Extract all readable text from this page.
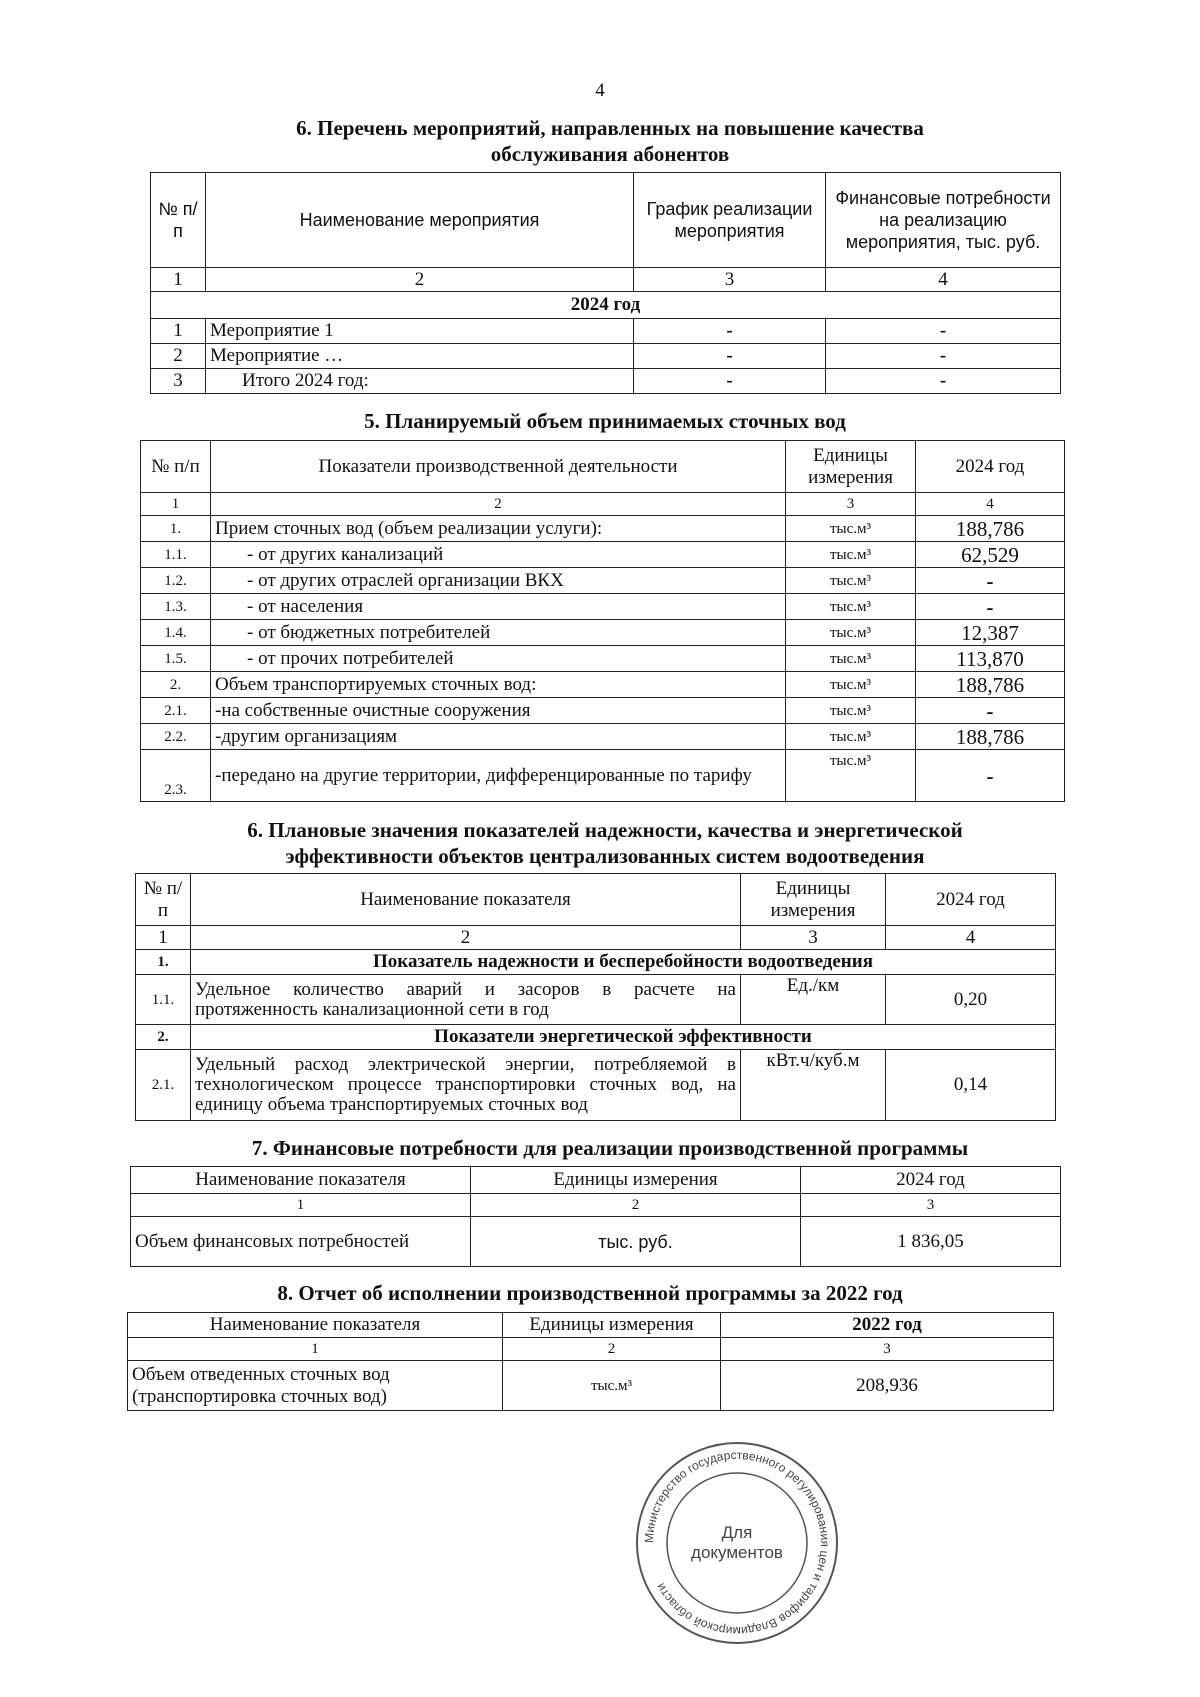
4
6. Перечень мероприятий, направленных на повышение качества
обслуживания абонентов
№ п/п	Наименование мероприятия	График реализации мероприятия	Финансовые потребности на реализацию мероприятия, тыс. руб.
1	2	3	4
2024 год			
1	Мероприятие 1	-	-
2	Мероприятие …	-	-
3	Итого 2024 год:	-	-
5. Планируемый объем принимаемых сточных вод
№ п/п	Показатели производственной деятельности	Единицы измерения	2024 год
1	2	3	4
1.	Прием сточных вод (объем реализации услуги):	тыс.м³	188,786
1.1.	- от других канализаций	тыс.м³	62,529
1.2.	- от других отраслей организации ВКХ	тыс.м³	-
1.3.	- от населения	тыс.м³	-
1.4.	- от бюджетных потребителей	тыс.м³	12,387
1.5.	- от прочих потребителей	тыс.м³	113,870
2.	Объем транспортируемых сточных вод:	тыс.м³	188,786
2.1.	-на собственные очистные сооружения	тыс.м³	-
2.2.	-другим организациям	тыс.м³	188,786
2.3.	-передано на другие территории, дифференцированные по тарифу	тыс.м³	-
6. Плановые значения показателей надежности, качества и энергетической
эффективности объектов централизованных систем водоотведения
№ п/п	Наименование показателя	Единицы измерения	2024 год
1	2	3	4
1.	Показатель надежности и бесперебойности водоотведения		
1.1.	Удельное количество аварий и засоров в расчете на протяженность канализационной сети в год	Ед./км	0,20
2.	Показатели энергетической эффективности		
2.1.	Удельный расход электрической энергии, потребляемой в технологическом процессе транспортировки сточных вод, на единицу объема транспортируемых сточных вод	кВт.ч/куб.м	0,14
7. Финансовые потребности для реализации производственной программы
Наименование показателя	Единицы измерения	2024 год
1	2	3
Объем финансовых потребностей	тыс. руб.	1 836,05
8. Отчет об исполнении производственной программы за 2022 год
Наименование показателя	Единицы измерения	2022 год
1	2	3
Объем отведенных сточных вод (транспортировка сточных вод)	тыс.м³	208,936
Министерство государственного регулирования цен и тарифов Владимирской области
Для
документов
